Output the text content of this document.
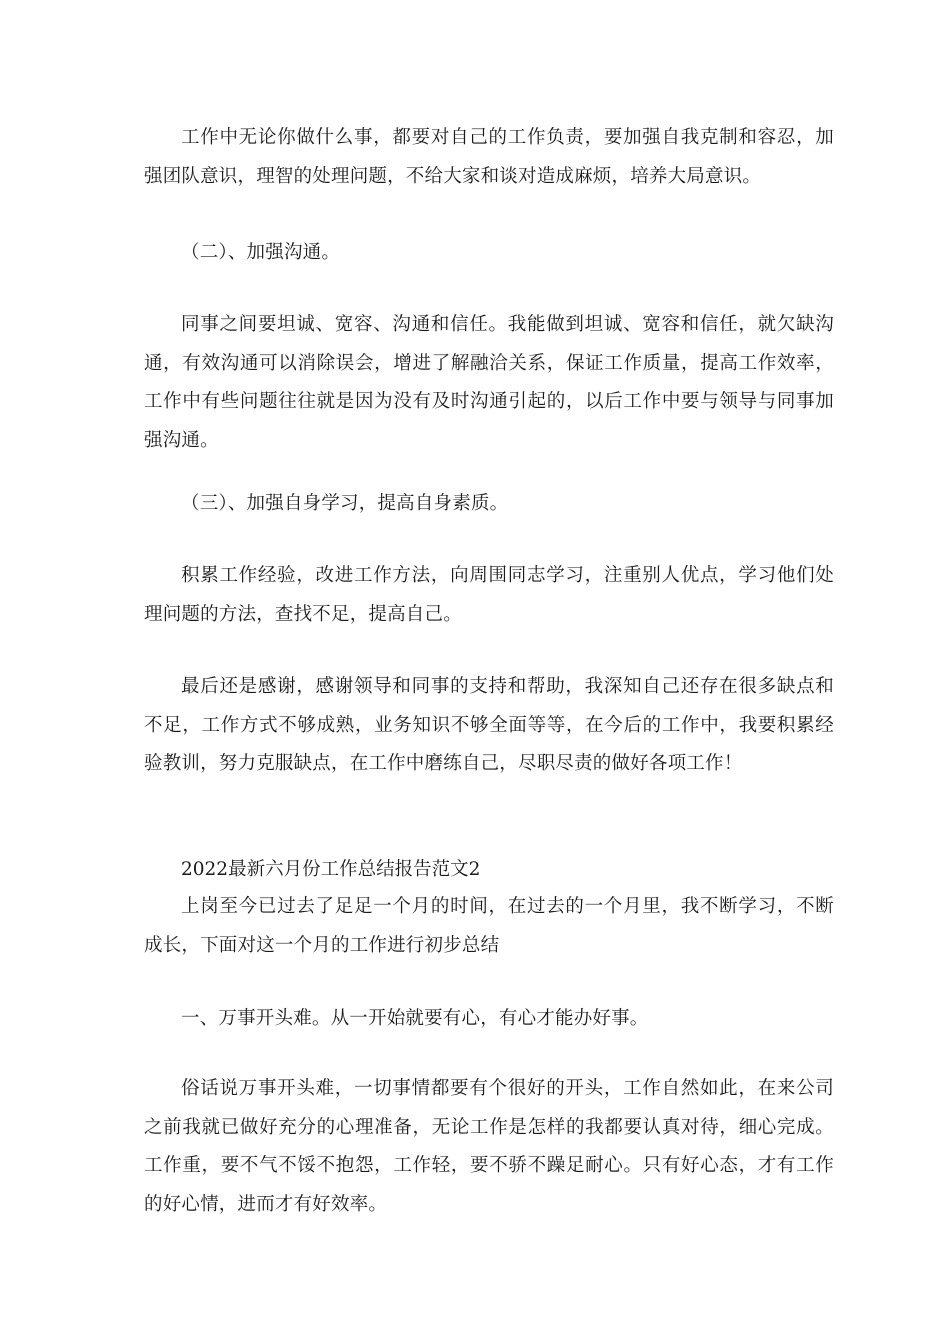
工作中无论你做什么事，都要对自己的工作负责，要加强自我克制和容忍，加强团队意识，理智的处理问题，不给大家和谈对造成麻烦，培养大局意识。

（二）、加强沟通。

同事之间要坦诚、宽容、沟通和信任。我能做到坦诚、宽容和信任，就欠缺沟通，有效沟通可以消除误会，增进了解融洽关系，保证工作质量，提高工作效率，工作中有些问题往往就是因为没有及时沟通引起的，以后工作中要与领导与同事加强沟通。

（三）、加强自身学习，提高自身素质。

积累工作经验，改进工作方法，向周围同志学习，注重别人优点，学习他们处理问题的方法，查找不足，提高自己。

最后还是感谢，感谢领导和同事的支持和帮助，我深知自己还存在很多缺点和不足，工作方式不够成熟，业务知识不够全面等等，在今后的工作中，我要积累经验教训，努力克服缺点，在工作中磨练自己，尽职尽责的做好各项工作！

2022最新六月份工作总结报告范文2

上岗至今已过去了足足一个月的时间，在过去的一个月里，我不断学习，不断成长，下面对这一个月的工作进行初步总结

一、万事开头难。从一开始就要有心，有心才能办好事。

俗话说万事开头难，一切事情都要有个很好的开头，工作自然如此，在来公司之前我就已做好充分的心理准备，无论工作是怎样的我都要认真对待，细心完成。工作重，要不气不馁不抱怨，工作轻，要不骄不躁足耐心。只有好心态，才有工作的好心情，进而才有好效率。
